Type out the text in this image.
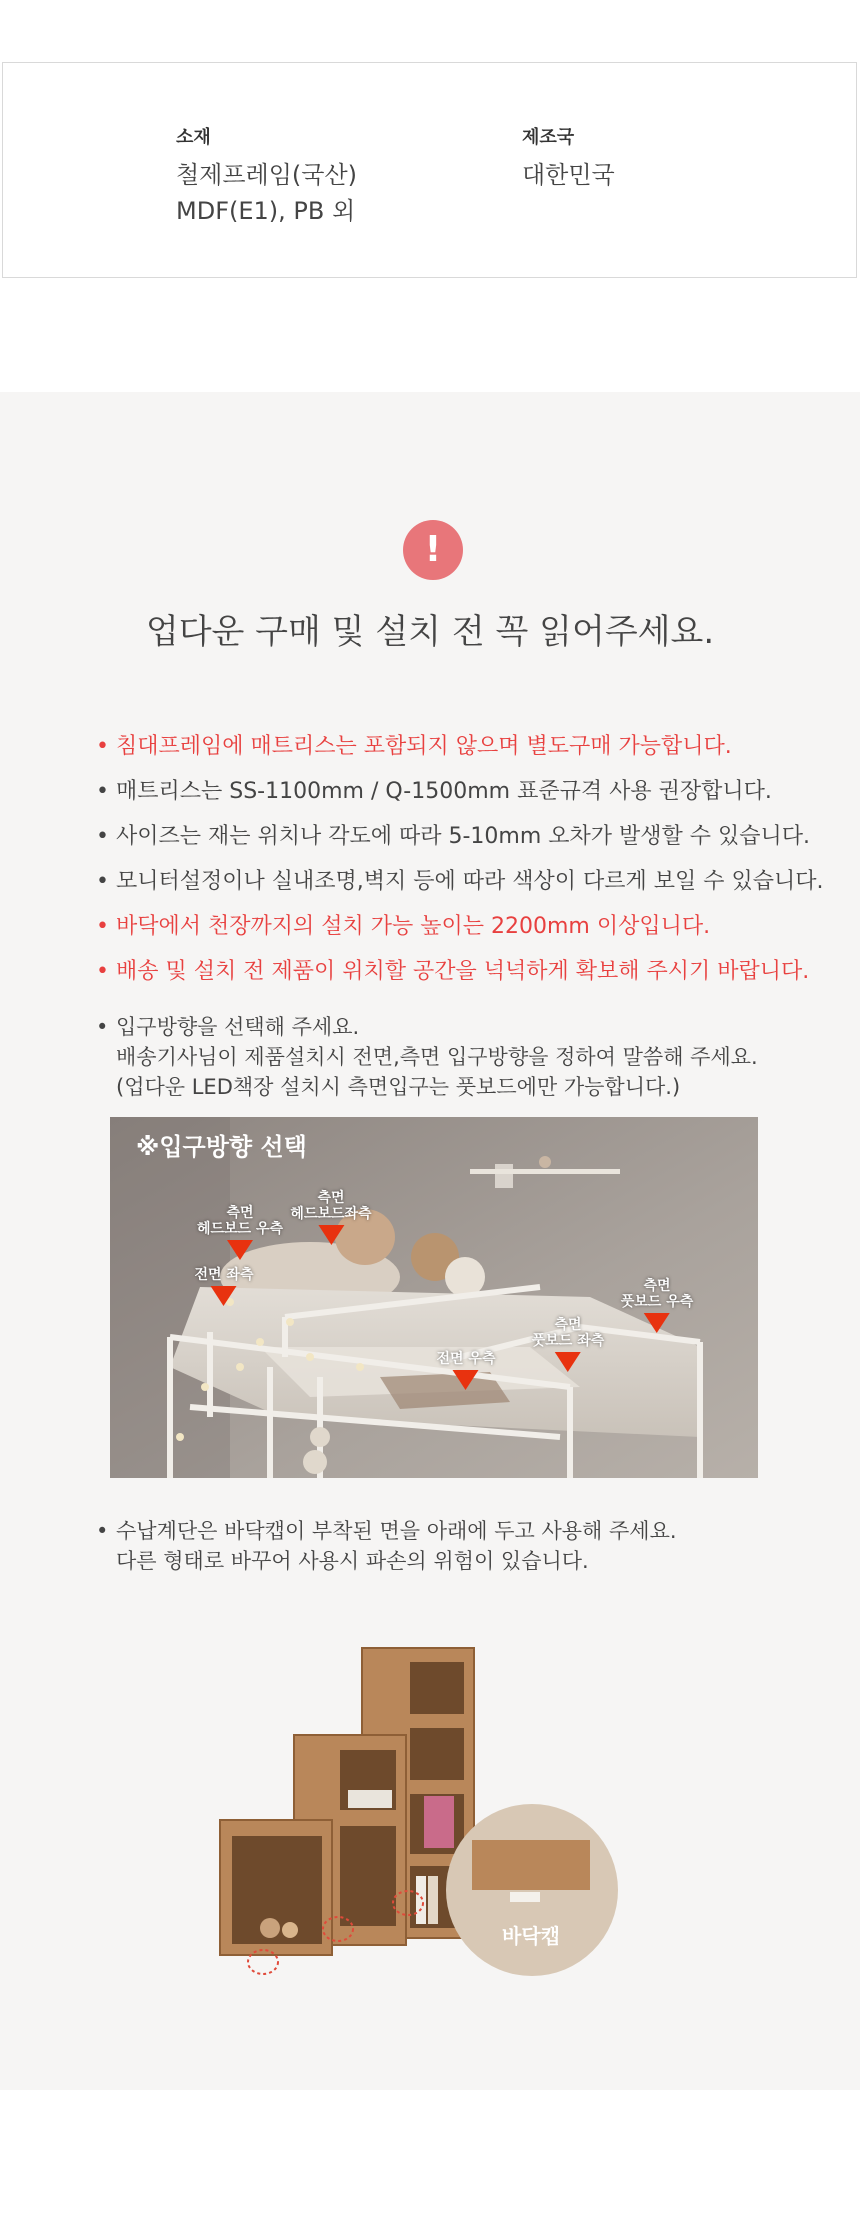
소재
철제프레임(국산)
MDF(E1), PB 외
제조국
대한민국
!
업다운 구매 및 설치 전 꼭 읽어주세요.
• 침대프레임에 매트리스는 포함되지 않으며 별도구매 가능합니다.
• 매트리스는 SS-1100mm / Q-1500mm 표준규격 사용 권장합니다.
• 사이즈는 재는 위치나 각도에 따라 5-10mm 오차가 발생할 수 있습니다.
• 모니터설정이나 실내조명,벽지 등에 따라 색상이 다르게 보일 수 있습니다.
• 바닥에서 천장까지의 설치 가능 높이는 2200mm 이상입니다.
• 배송 및 설치 전 제품이 위치할 공간을 넉넉하게 확보해 주시기 바랍니다.
• 입구방향을 선택해 주세요.
배송기사님이 제품설치시 전면,측면 입구방향을 정하여 말씀해 주세요.
(업다운 LED책장 설치시 측면입구는 풋보드에만 가능합니다.)
• 수납계단은 바닥캡이 부착된 면을 아래에 두고 사용해 주세요.
다른 형태로 바꾸어 사용시 파손의 위험이 있습니다.
※입구방향 선택
측면
헤드보드 우측
측면
헤드보드좌측
전면 좌측
전면 우측
측면
풋보드 좌측
측면
풋보드 우측
바닥캡
